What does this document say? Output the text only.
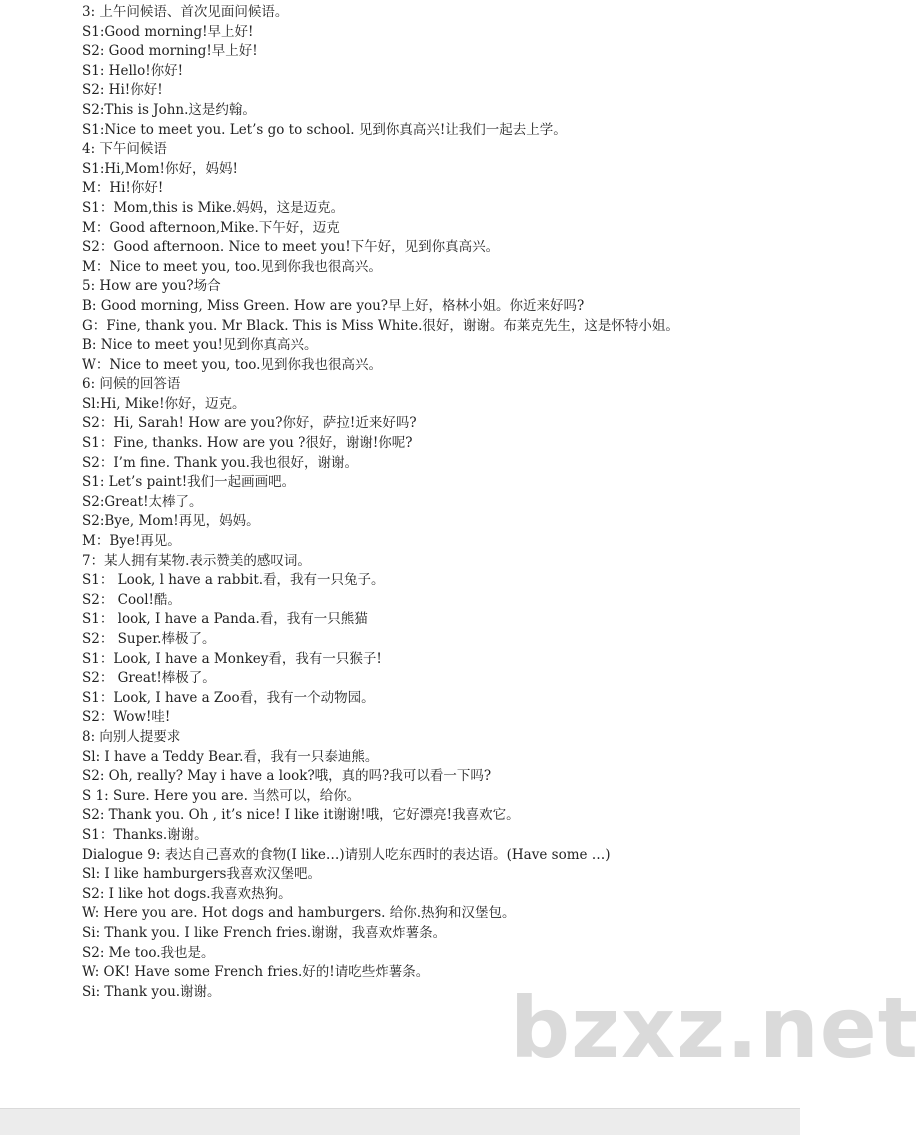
3: 上午问候语、首次见面问候语。
S1:Good morning!早上好!
S2: Good morning!早上好!
S1: Hello!你好!
S2: Hi!你好!
S2:This is John.这是约翰。
S1:Nice to meet you. Let’s go to school. 见到你真高兴!让我们一起去上学。
4: 下午问候语
S1:Hi,Mom!你好，妈妈!
M：Hi!你好!
S1：Mom,this is Mike.妈妈，这是迈克。
M：Good afternoon,Mike.下午好，迈克
S2：Good afternoon. Nice to meet you!下午好，见到你真高兴。
M：Nice to meet you, too.见到你我也很高兴。
5: How are you?场合
B: Good morning, Miss Green. How are you?早上好，格林小姐。你近来好吗?
G：Fine, thank you. Mr Black. This is Miss White.很好，谢谢。布莱克先生，这是怀特小姐。
B: Nice to meet you!见到你真高兴。
W：Nice to meet you, too.见到你我也很高兴。
6: 问候的回答语
Sl:Hi, Mike!你好，迈克。
S2：Hi, Sarah! How are you?你好，萨拉!近来好吗?
S1：Fine, thanks. How are you ?很好，谢谢!你呢?
S2：I’m fine. Thank you.我也很好，谢谢。
S1: Let’s paint!我们一起画画吧。
S2:Great!太棒了。
S2:Bye, Mom!再见，妈妈。
M：Bye!再见。
7：某人拥有某物.表示赞美的感叹词。
S1： Look, l have a rabbit.看，我有一只兔子。
S2： Cool!酷。
S1： look, I have a Panda.看，我有一只熊猫
S2： Super.棒极了。
S1：Look, I have a Monkey看，我有一只猴子!
S2： Great!棒极了。
S1：Look, I have a Zoo看，我有一个动物园。
S2：Wow!哇!
8: 向别人提要求
Sl: I have a Teddy Bear.看，我有一只泰迪熊。
S2: Oh, really? May i have a look?哦，真的吗?我可以看一下吗?
S 1: Sure. Here you are. 当然可以，给你。
S2: Thank you. Oh , it’s nice! I like it谢谢!哦，它好漂亮!我喜欢它。
S1：Thanks.谢谢。
Dialogue 9: 表达自己喜欢的食物(I like…)请别人吃东西时的表达语。(Have some …)
Sl: I like hamburgers我喜欢汉堡吧。
S2: I like hot dogs.我喜欢热狗。
W: Here you are. Hot dogs and hamburgers. 给你.热狗和汉堡包。
Si: Thank you. I like French fries.谢谢，我喜欢炸薯条。
S2: Me too.我也是。
W: OK! Have some French fries.好的!请吃些炸薯条。
Si: Thank you.谢谢。	bzxz.net
